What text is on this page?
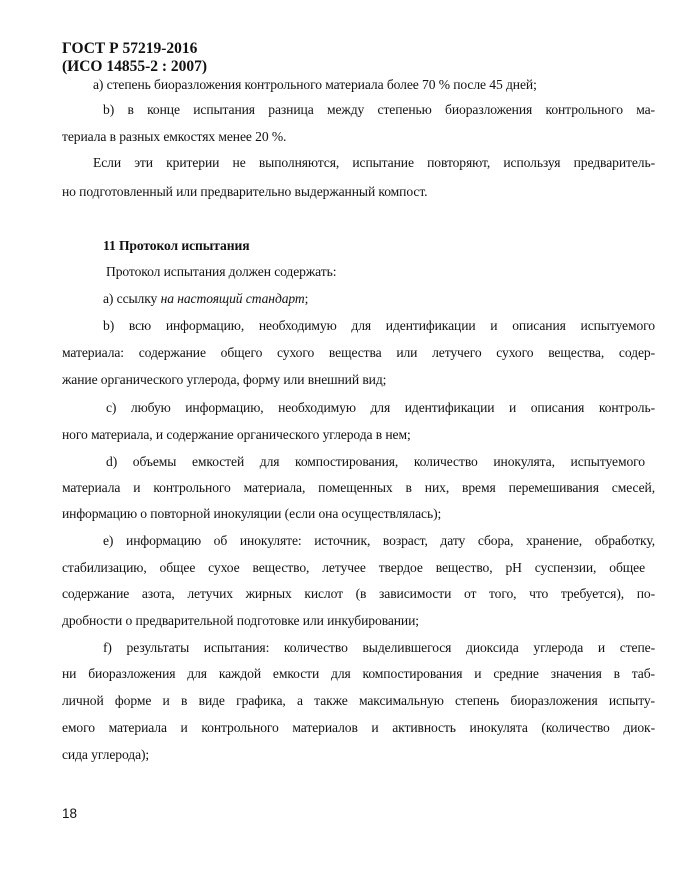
ГОСТ Р 57219-2016
(ИСО 14855-2 : 2007)
a) степень биоразложения контрольного материала более 70 % после 45 дней;
b) в конце испытания разница между степенью биоразложения контрольного ма-
териала в разных емкостях менее 20 %.
Если эти критерии не выполняются, испытание повторяют, используя предваритель-
но подготовленный или предварительно выдержанный компост.
11 Протокол испытания
Протокол испытания должен содержать:
a) ссылку на настоящий стандарт;
b) всю информацию, необходимую для идентификации и описания испытуемого
материала: содержание общего сухого вещества или летучего сухого вещества, содер-
жание органического углерода, форму или внешний вид;
c) любую информацию, необходимую для идентификации и описания контроль-
ного материала, и содержание органического углерода в нем;
d) объемы емкостей для компостирования, количество инокулята, испытуемого
материала и контрольного материала, помещенных в них, время перемешивания смесей,
информацию о повторной инокуляции (если она осуществлялась);
e) информацию об инокуляте: источник, возраст, дату сбора, хранение, обработку,
стабилизацию, общее сухое вещество, летучее твердое вещество, pH суспензии, общее
содержание азота, летучих жирных кислот (в зависимости от того, что требуется), по-
дробности о предварительной подготовке или инкубировании;
f) результаты испытания: количество выделившегося диоксида углерода и степе-
ни биоразложения для каждой емкости для компостирования и средние значения в таб-
личной форме и в виде графика, а также максимальную степень биоразложения испыту-
емого материала и контрольного материалов и активность инокулята (количество диок-
сида углерода);
18
